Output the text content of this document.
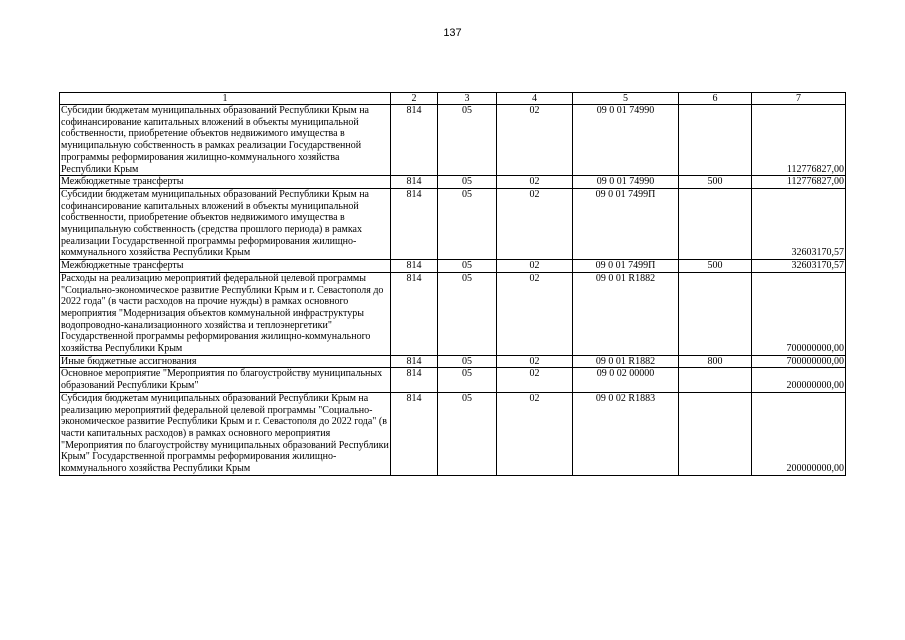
137
1	2	3	4	5	6	7
Субсидии бюджетам муниципальных образований Республики Крым на софинансирование капитальных вложений в объекты муниципальной собственности, приобретение объектов недвижимого имущества в муниципальную собственность в рамках реализации Государственной программы реформирования жилищно-коммунального хозяйства Республики Крым	814	05	02	09 0 01 74990		112776827,00
Межбюджетные трансферты	814	05	02	09 0 01 74990	500	112776827,00
Субсидии бюджетам муниципальных образований Республики Крым на софинансирование капитальных вложений в объекты муниципальной собственности, приобретение объектов недвижимого имущества в муниципальную собственность (средства прошлого периода) в рамках реализации Государственной программы реформирования жилищно-коммунального хозяйства Республики Крым	814	05	02	09 0 01 7499П		32603170,57
Межбюджетные трансферты	814	05	02	09 0 01 7499П	500	32603170,57
Расходы на реализацию мероприятий федеральной целевой программы "Социально-экономическое развитие Республики Крым и г. Севастополя до 2022 года" (в части расходов на прочие нужды) в рамках основного мероприятия "Модернизация объектов коммунальной инфраструктуры водопроводно-канализационного хозяйства и теплоэнергетики" Государственной программы реформирования жилищно-коммунального хозяйства Республики Крым	814	05	02	09 0 01 R1882		700000000,00
Иные бюджетные ассигнования	814	05	02	09 0 01 R1882	800	700000000,00
Основное мероприятие "Мероприятия по благоустройству муниципальных образований Республики Крым"	814	05	02	09 0 02 00000		200000000,00
Субсидия бюджетам муниципальных образований Республики Крым на реализацию мероприятий федеральной целевой программы "Социально-экономическое развитие Республики Крым и г. Севастополя до 2022 года" (в части капитальных расходов) в рамках основного мероприятия "Мероприятия по благоустройству муниципальных образований Республики Крым" Государственной программы реформирования жилищно-коммунального хозяйства Республики Крым	814	05	02	09 0 02 R1883		200000000,00
